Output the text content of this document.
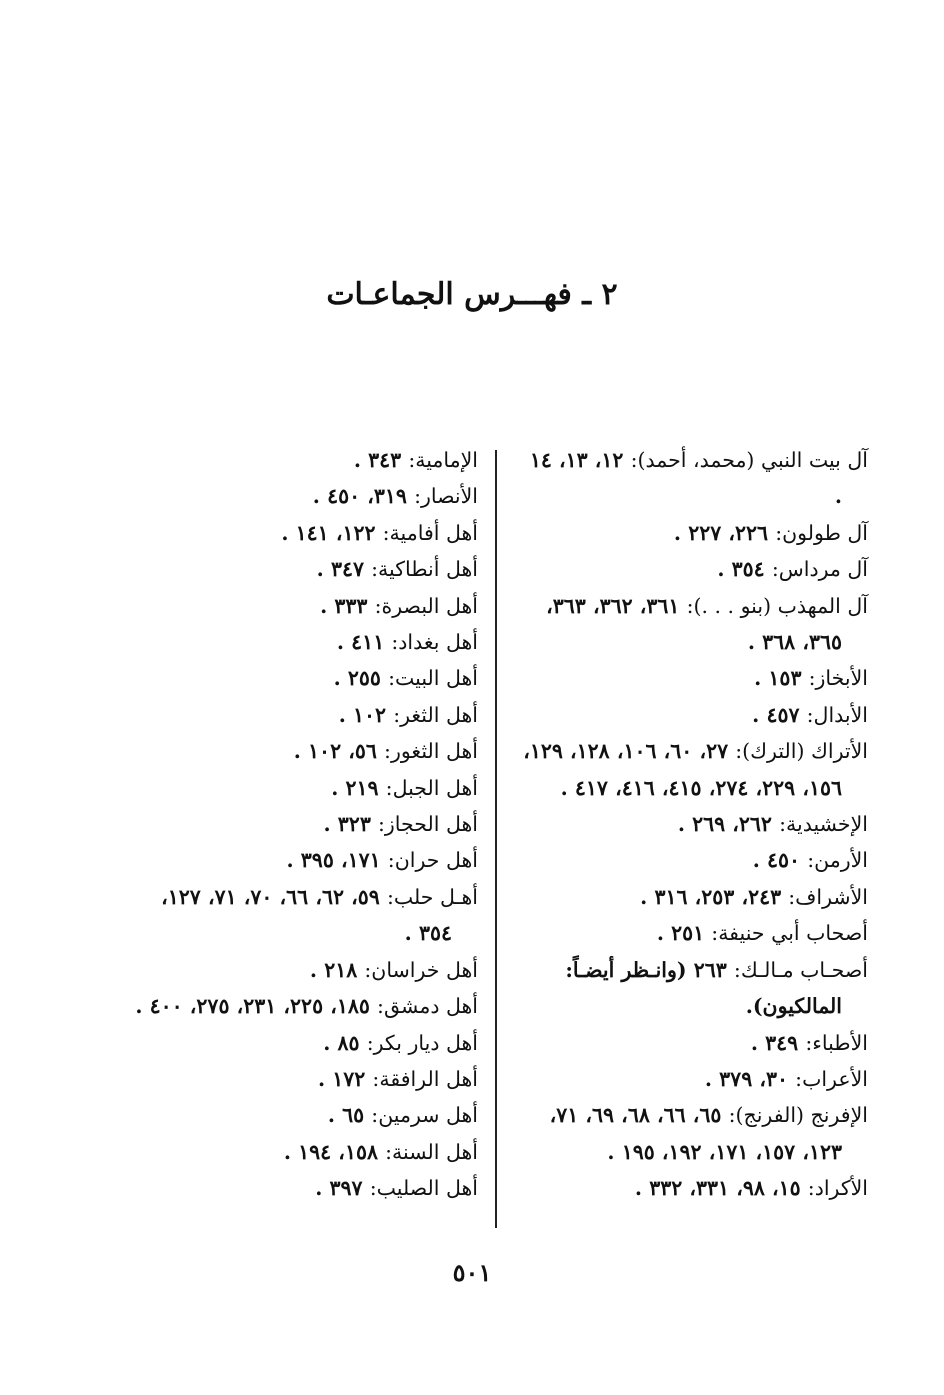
٢ ـ فهـــرس الجماعـات

آل بيت النبي (محمد، أحمد): ١٢، ١٣، ١٤ .

آل طولون: ٢٢٦، ٢٢٧ .

آل مرداس: ٣٥٤ .

آل المهذب (بنو . . .): ٣٦١، ٣٦٢، ٣٦٣، ٣٦٥، ٣٦٨ .

الأبخاز: ١٥٣ .

الأبدال: ٤٥٧ .

الأتراك (الترك): ٢٧، ٦٠، ١٠٦، ١٢٨، ١٢٩، ١٥٦، ٢٢٩، ٢٧٤، ٤١٥، ٤١٦، ٤١٧ .

الإخشيدية: ٢٦٢، ٢٦٩ .

الأرمن: ٤٥٠ .

الأشراف: ٢٤٣، ٢٥٣، ٣١٦ .

أصحاب أبي حنيفة: ٢٥١ .

أصحـاب مـالـك: ٢٦٣ (وانـظر أيضـاً: المالكيون).

الأطباء: ٣٤٩ .

الأعراب: ٣٠، ٣٧٩ .

الإفرنج (الفرنج): ٦٥، ٦٦، ٦٨، ٦٩، ٧١، ١٢٣، ١٥٧، ١٧١، ١٩٢، ١٩٥ .

الأكراد: ١٥، ٩٨، ٣٣١، ٣٣٢ .

الإمامية: ٣٤٣ .

الأنصار: ٣١٩، ٤٥٠ .

أهل أفامية: ١٢٢، ١٤١ .

أهل أنطاكية: ٣٤٧ .

أهل البصرة: ٣٣٣ .

أهل بغداد: ٤١١ .

أهل البيت: ٢٥٥ .

أهل الثغر: ١٠٢ .

أهل الثغور: ٥٦، ١٠٢ .

أهل الجبل: ٢١٩ .

أهل الحجاز: ٣٢٣ .

أهل حران: ١٧١، ٣٩٥ .

أهـل حلب: ٥٩، ٦٢، ٦٦، ٧٠، ٧١، ١٢٧، ٣٥٤ .

أهل خراسان: ٢١٨ .

أهل دمشق: ١٨٥، ٢٢٥، ٢٣١، ٢٧٥، ٤٠٠ .

أهل ديار بكر: ٨٥ .

أهل الرافقة: ١٧٢ .

أهل سرمين: ٦٥ .

أهل السنة: ١٥٨، ١٩٤ .

أهل الصليب: ٣٩٧ .

٥٠١
